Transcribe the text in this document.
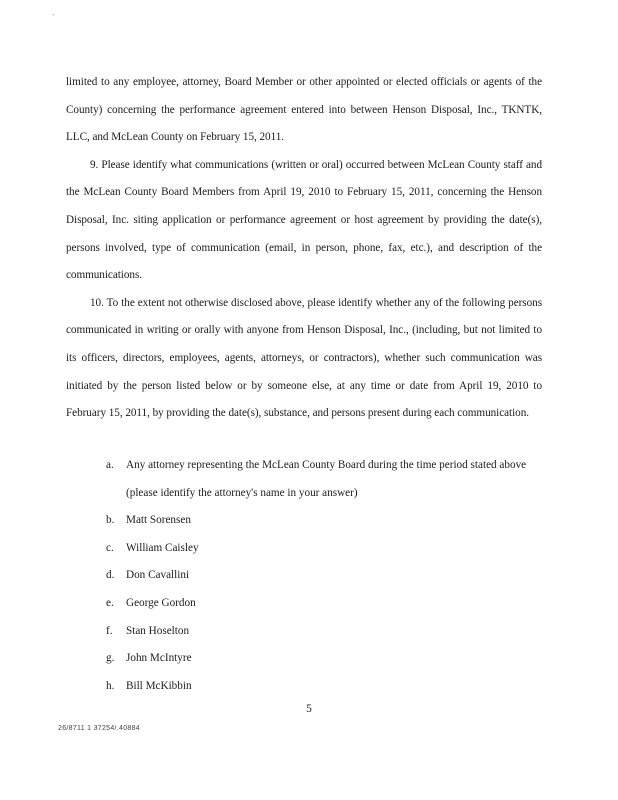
`

limited to any employee, attorney, Board Member or other appointed or elected officials or agents of the County) concerning the performance agreement entered into between Henson Disposal, Inc., TKNTK, LLC, and McLean County on February 15, 2011.

9. Please identify what communications (written or oral) occurred between McLean County staff and the McLean County Board Members from April 19, 2010 to February 15, 2011, concerning the Henson Disposal, Inc. siting application or performance agreement or host agreement by providing the date(s), persons involved, type of communication (email, in person, phone, fax, etc.), and description of the communications.

10. To the extent not otherwise disclosed above, please identify whether any of the following persons communicated in writing or orally with anyone from Henson Disposal, Inc., (including, but not limited to its officers, directors, employees, agents, attorneys, or contractors), whether such communication was initiated by the person listed below or by someone else, at any time or date from April 19, 2010 to February 15, 2011, by providing the date(s), substance, and persons present during each communication.

a.	Any attorney representing the McLean County Board during the time period stated above (please identify the attorney's name in your answer)
b.	Matt Sorensen
c.	William Caisley
d.	Don Cavallini
e.	George Gordon
f.	Stan Hoselton
g.	John McIntyre
h.	Bill McKibbin
5
26/8711 1 37254/.40884
